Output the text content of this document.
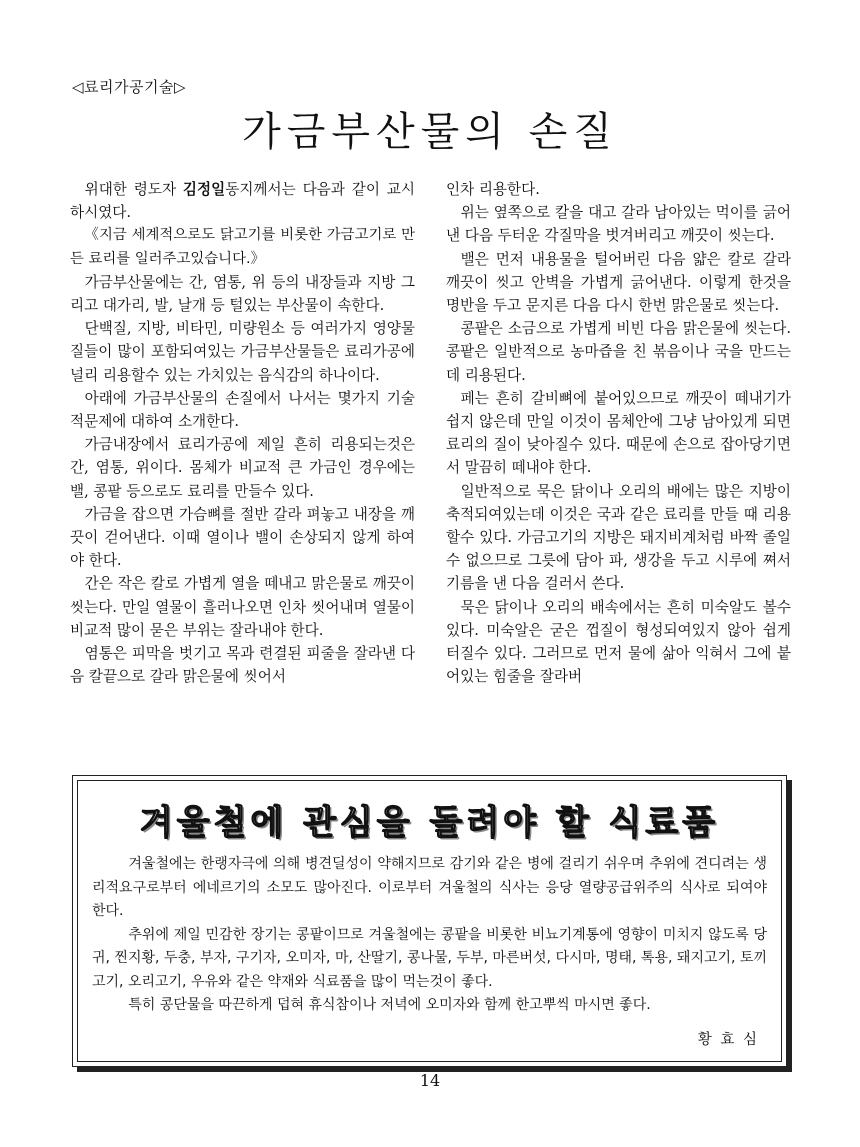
◁료리가공기술▷
가금부산물의 손질

위대한 령도자 김정일동지께서는 다음과 같이 교시하시였다.

《지금 세계적으로도 닭고기를 비롯한 가금고기로 만든 료리를 일러주고있습니다.》

가금부산물에는 간, 염통, 위 등의 내장들과 지방 그리고 대가리, 발, 날개 등 털있는 부산물이 속한다.

단백질, 지방, 비타민, 미량원소 등 여러가지 영양물질들이 많이 포함되여있는 가금부산물들은 료리가공에 널리 리용할수 있는 가치있는 음식감의 하나이다.

아래에 가금부산물의 손질에서 나서는 몇가지 기술적문제에 대하여 소개한다.

가금내장에서 료리가공에 제일 흔히 리용되는것은 간, 염통, 위이다. 몸체가 비교적 큰 가금인 경우에는 밸, 콩팥 등으로도 료리를 만들수 있다.

가금을 잡으면 가슴뼈를 절반 갈라 펴놓고 내장을 깨끗이 걷어낸다. 이때 열이나 밸이 손상되지 않게 하여야 한다.

간은 작은 칼로 가볍게 열을 떼내고 맑은물로 깨끗이 씻는다. 만일 열물이 흘러나오면 인차 씻어내며 열물이 비교적 많이 묻은 부위는 잘라내야 한다.

염통은 피막을 벗기고 목과 련결된 피줄을 잘라낸 다음 칼끝으로 갈라 맑은물에 씻어서

인차 리용한다.

위는 옆쪽으로 칼을 대고 갈라 남아있는 먹이를 긁어낸 다음 두터운 각질막을 벗겨버리고 깨끗이 씻는다.

밸은 먼저 내용물을 털어버린 다음 얇은 칼로 갈라 깨끗이 씻고 안벽을 가볍게 긁어낸다. 이렇게 한것을 명반을 두고 문지른 다음 다시 한번 맑은물로 씻는다.

콩팥은 소금으로 가볍게 비빈 다음 맑은물에 씻는다. 콩팥은 일반적으로 농마즙을 친 볶음이나 국을 만드는데 리용된다.

페는 흔히 갈비뼈에 붙어있으므로 깨끗이 떼내기가 쉽지 않은데 만일 이것이 몸체안에 그냥 남아있게 되면 료리의 질이 낮아질수 있다. 때문에 손으로 잡아당기면서 말끔히 떼내야 한다.

일반적으로 묵은 닭이나 오리의 배에는 많은 지방이 축적되여있는데 이것은 국과 같은 료리를 만들 때 리용할수 있다. 가금고기의 지방은 돼지비계처럼 바짝 졸일수 없으므로 그릇에 담아 파, 생강을 두고 시루에 쪄서 기름을 낸 다음 걸러서 쓴다.

묵은 닭이나 오리의 배속에서는 흔히 미숙알도 볼수 있다. 미숙알은 굳은 껍질이 형성되여있지 않아 쉽게 터질수 있다. 그러므로 먼저 물에 삶아 익혀서 그에 붙어있는 힘줄을 잘라버

겨울철에 관심을 돌려야 할 식료품

겨울철에는 한랭자극에 의해 병견딜성이 약해지므로 감기와 같은 병에 걸리기 쉬우며 추위에 견디려는 생리적요구로부터 에네르기의 소모도 많아진다. 이로부터 겨울철의 식사는 응당 열량공급위주의 식사로 되여야 한다.

추위에 제일 민감한 장기는 콩팥이므로 겨울철에는 콩팥을 비롯한 비뇨기계통에 영향이 미치지 않도록 당귀, 찐지황, 두충, 부자, 구기자, 오미자, 마, 산딸기, 콩나물, 두부, 마른버섯, 다시마, 명태, 톡용, 돼지고기, 토끼고기, 오리고기, 우유와 같은 약재와 식료품을 많이 먹는것이 좋다.

특히 콩단물을 따끈하게 덥혀 휴식참이나 저녁에 오미자와 함께 한고뿌씩 마시면 좋다.

황 효 심
14
